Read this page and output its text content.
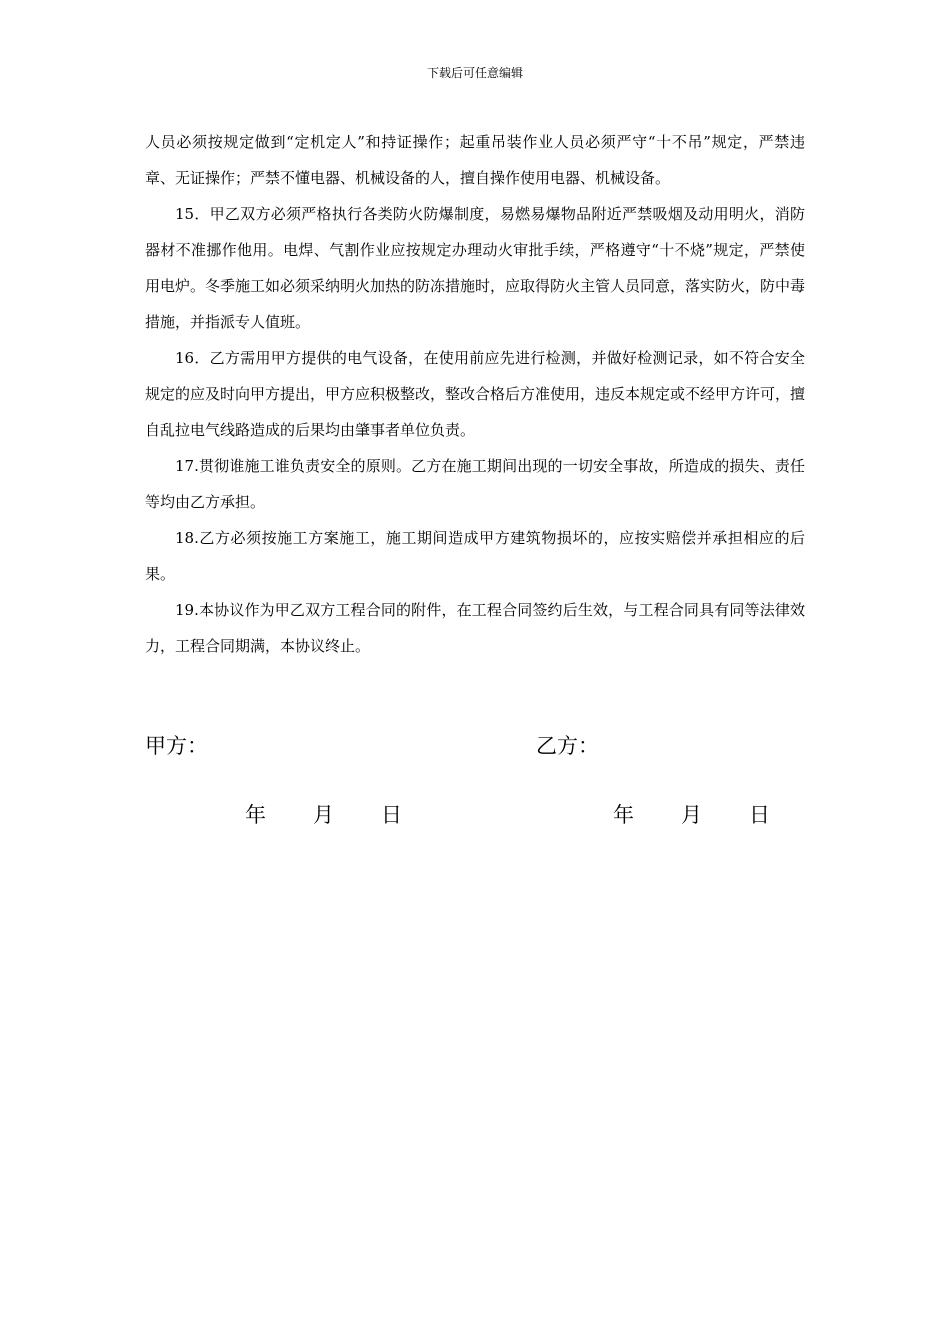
下载后可任意编辑

人员必须按规定做到“定机定人”和持证操作；起重吊装作业人员必须严守“十不吊”规定，严禁违章、无证操作；严禁不懂电器、机械设备的人，擅自操作使用电器、机械设备。

15．甲乙双方必须严格执行各类防火防爆制度，易燃易爆物品附近严禁吸烟及动用明火，消防器材不准挪作他用。电焊、气割作业应按规定办理动火审批手续，严格遵守“十不烧”规定，严禁使用电炉。冬季施工如必须采纳明火加热的防冻措施时，应取得防火主管人员同意，落实防火，防中毒措施，并指派专人值班。

16．乙方需用甲方提供的电气设备，在使用前应先进行检测，并做好检测记录，如不符合安全规定的应及时向甲方提出，甲方应积极整改，整改合格后方准使用，违反本规定或不经甲方许可，擅自乱拉电气线路造成的后果均由肇事者单位负责。

17.贯彻谁施工谁负责安全的原则。乙方在施工期间出现的一切安全事故，所造成的损失、责任等均由乙方承担。

18.乙方必须按施工方案施工，施工期间造成甲方建筑物损坏的，应按实赔偿并承担相应的后果。

19.本协议作为甲乙双方工程合同的附件，在工程合同签约后生效，与工程合同具有同等法律效力，工程合同期满，本协议终止。

甲方：	乙方：
年 月 日	年 月 日
